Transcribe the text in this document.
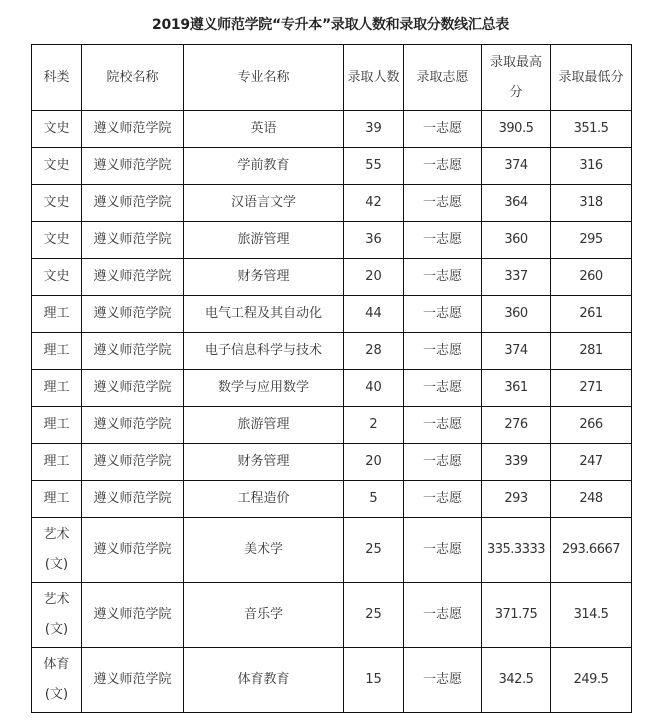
2019遵义师范学院“专升本”录取人数和录取分数线汇总表
科类	院校名称	专业名称	录取人数	录取志愿	录取最高分	录取最低分
文史	遵义师范学院	英语	39	一志愿	390.5	351.5
文史	遵义师范学院	学前教育	55	一志愿	374	316
文史	遵义师范学院	汉语言文学	42	一志愿	364	318
文史	遵义师范学院	旅游管理	36	一志愿	360	295
文史	遵义师范学院	财务管理	20	一志愿	337	260
理工	遵义师范学院	电气工程及其自动化	44	一志愿	360	261
理工	遵义师范学院	电子信息科学与技术	28	一志愿	374	281
理工	遵义师范学院	数学与应用数学	40	一志愿	361	271
理工	遵义师范学院	旅游管理	2	一志愿	276	266
理工	遵义师范学院	财务管理	20	一志愿	339	247
理工	遵义师范学院	工程造价	5	一志愿	293	248

艺术(文)	遵义师范学院	美术学	25	一志愿	335.3333	293.6667

艺术(文)	遵义师范学院	音乐学	25	一志愿	371.75	314.5

体育(文)	遵义师范学院	体育教育	15	一志愿	342.5	249.5
